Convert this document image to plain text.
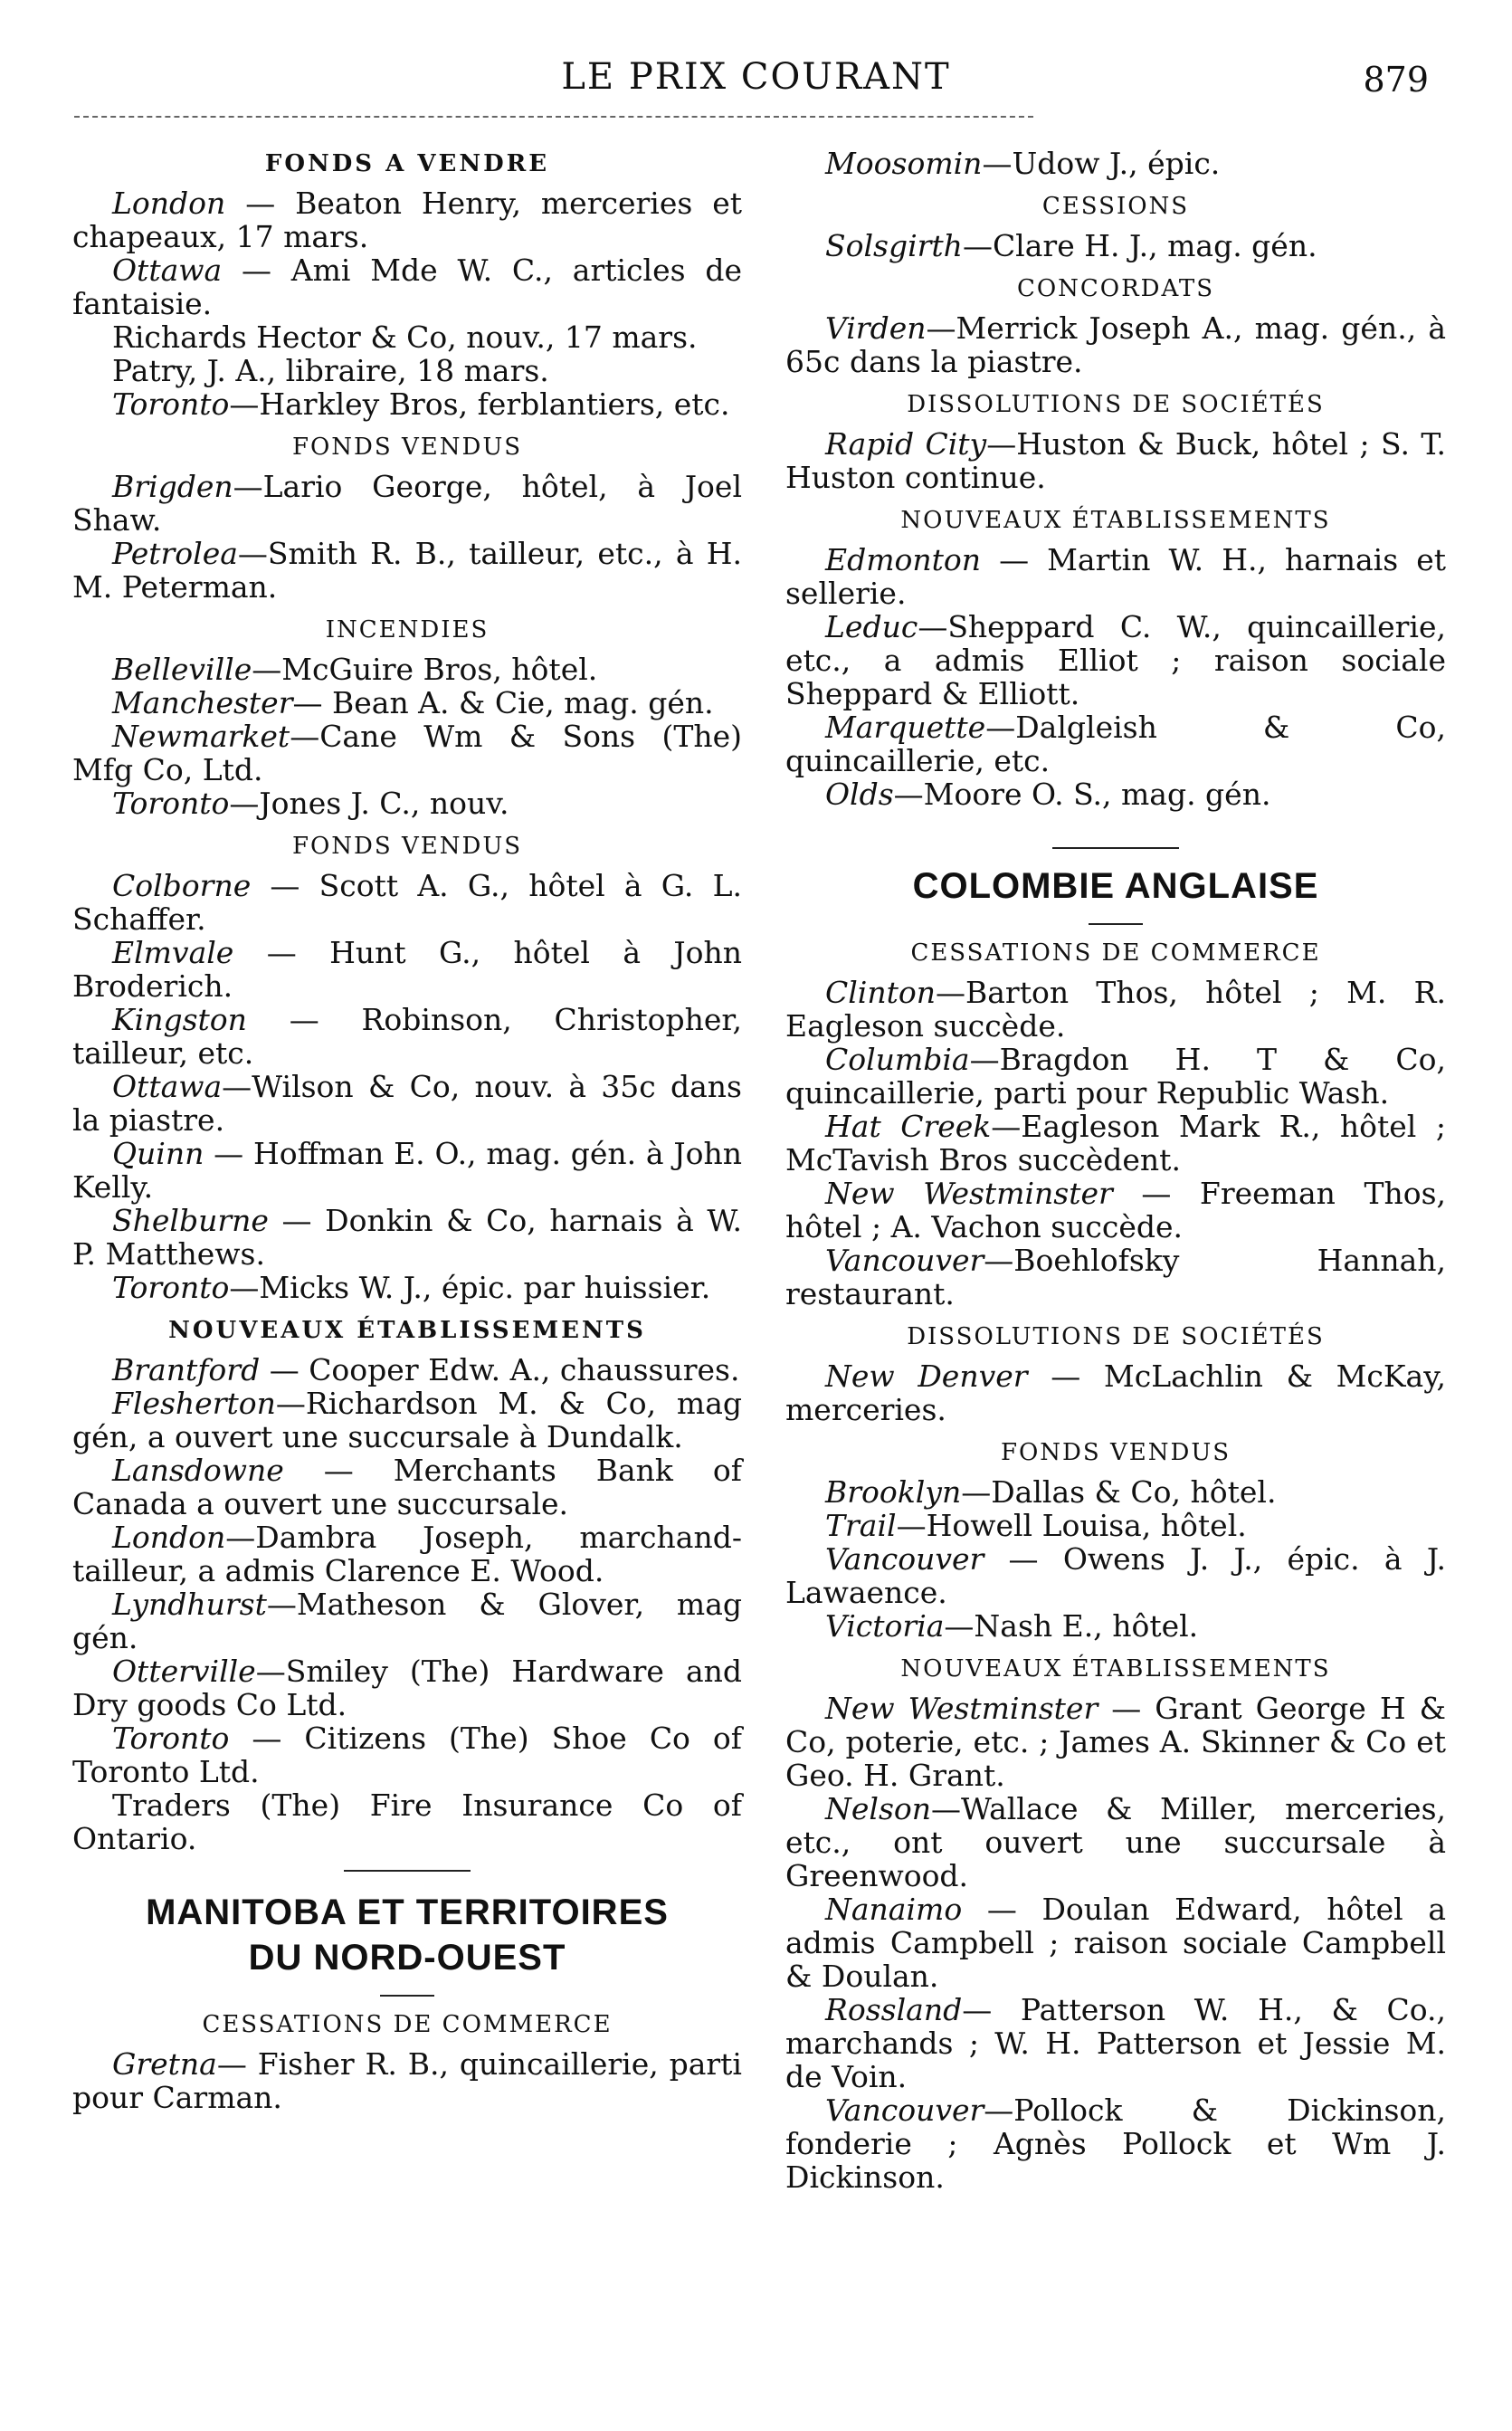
LE PRIX COURANT	879
FONDS A VENDRE

London — Beaton Henry, merceries et chapeaux, 17 mars.

Ottawa — Ami Mde W. C., articles de fantaisie.

Richards Hector & Co, nouv., 17 mars.

Patry, J. A., libraire, 18 mars.

Toronto—Harkley Bros, ferblantiers, etc.

FONDS VENDUS

Brigden—Lario George, hôtel, à Joel Shaw.

Petrolea—Smith R. B., tailleur, etc., à H. M. Peterman.

INCENDIES

Belleville—McGuire Bros, hôtel.

Manchester— Bean A. & Cie, mag. gén.

Newmarket—Cane Wm & Sons (The) Mfg Co, Ltd.

Toronto—Jones J. C., nouv.

FONDS VENDUS

Colborne — Scott A. G., hôtel à G. L. Schaffer.

Elmvale — Hunt G., hôtel à John Broderich.

Kingston — Robinson, Christopher, tailleur, etc.

Ottawa—Wilson & Co, nouv. à 35c dans la piastre.

Quinn — Hoffman E. O., mag. gén. à John Kelly.

Shelburne — Donkin & Co, harnais à W. P. Matthews.

Toronto—Micks W. J., épic. par huissier.

NOUVEAUX ÉTABLISSEMENTS

Brantford — Cooper Edw. A., chaussures.

Flesherton—Richardson M. & Co, mag gén, a ouvert une succursale à Dundalk.

Lansdowne — Merchants Bank of Canada a ouvert une succursale.

London—Dambra Joseph, marchand-tailleur, a admis Clarence E. Wood.

Lyndhurst—Matheson & Glover, mag gén.

Otterville—Smiley (The) Hardware and Dry goods Co Ltd.

Toronto — Citizens (The) Shoe Co of Toronto Ltd.

Traders (The) Fire Insurance Co of Ontario.

MANITOBA ET TERRITOIRES
DU NORD-OUEST
CESSATIONS DE COMMERCE

Gretna— Fisher R. B., quincaillerie, parti pour Carman.

Moosomin—Udow J., épic.

CESSIONS

Solsgirth—Clare H. J., mag. gén.

CONCORDATS

Virden—Merrick Joseph A., mag. gén., à 65c dans la piastre.

DISSOLUTIONS DE SOCIÉTÉS

Rapid City—Huston & Buck, hôtel ; S. T. Huston continue.

NOUVEAUX ÉTABLISSEMENTS

Edmonton — Martin W. H., harnais et sellerie.

Leduc—Sheppard C. W., quincaillerie, etc., a admis Elliot ; raison sociale Sheppard & Elliott.

Marquette—Dalgleish & Co, quincaillerie, etc.

Olds—Moore O. S., mag. gén.

COLOMBIE ANGLAISE
CESSATIONS DE COMMERCE

Clinton—Barton Thos, hôtel ; M. R. Eagleson succède.

Columbia—Bragdon H. T & Co, quincaillerie, parti pour Republic Wash.

Hat Creek—Eagleson Mark R., hôtel ; McTavish Bros succèdent.

New Westminster — Freeman Thos, hôtel ; A. Vachon succède.

Vancouver—Boehlofsky Hannah, restaurant.

DISSOLUTIONS DE SOCIÉTÉS

New Denver — McLachlin & McKay, merceries.

FONDS VENDUS

Brooklyn—Dallas & Co, hôtel.

Trail—Howell Louisa, hôtel.

Vancouver — Owens J. J., épic. à J. Lawaence.

Victoria—Nash E., hôtel.

NOUVEAUX ÉTABLISSEMENTS

New Westminster — Grant George H & Co, poterie, etc. ; James A. Skinner & Co et Geo. H. Grant.

Nelson—Wallace & Miller, merceries, etc., ont ouvert une succursale à Greenwood.

Nanaimo — Doulan Edward, hôtel a admis Campbell ; raison sociale Campbell & Doulan.

Rossland— Patterson W. H., & Co., marchands ; W. H. Patterson et Jessie M. de Voin.

Vancouver—Pollock & Dickinson, fonderie ; Agnès Pollock et Wm J. Dickinson.
